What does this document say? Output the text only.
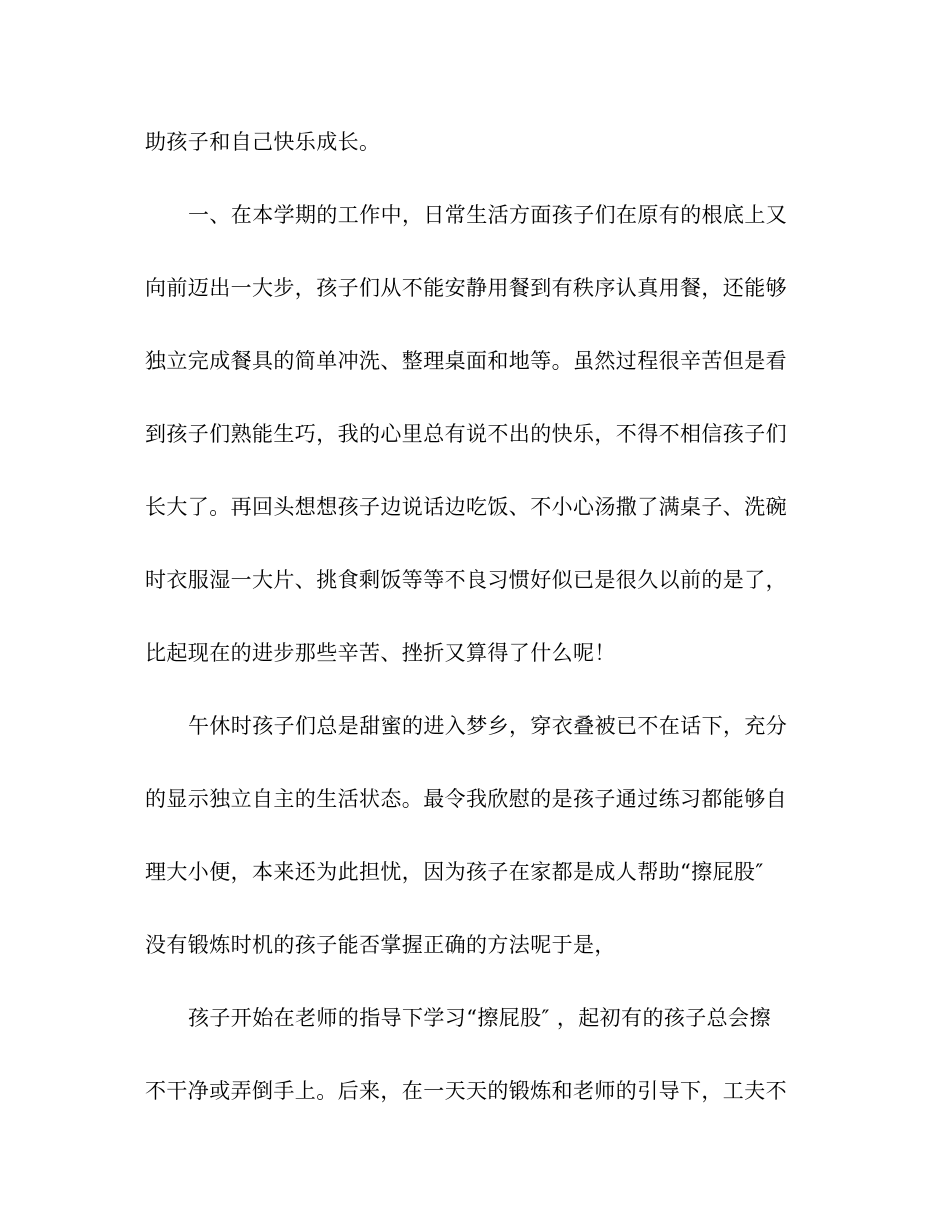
助孩子和自己快乐成长。
一、在本学期的工作中，日常生活方面孩子们在原有的根底上又
向前迈出一大步，孩子们从不能安静用餐到有秩序认真用餐，还能够
独立完成餐具的简单冲洗、整理桌面和地等。虽然过程很辛苦但是看
到孩子们熟能生巧，我的心里总有说不出的快乐，不得不相信孩子们
长大了。再回头想想孩子边说话边吃饭、不小心汤撒了满桌子、洗碗
时衣服湿一大片、挑食剩饭等等不良习惯好似已是很久以前的是了，
比起现在的进步那些辛苦、挫折又算得了什么呢！
午休时孩子们总是甜蜜的进入梦乡，穿衣叠被已不在话下，充分
的显示独立自主的生活状态。最令我欣慰的是孩子通过练习都能够自
理大小便，本来还为此担忧，因为孩子在家都是成人帮助“擦屁股″
没有锻炼时机的孩子能否掌握正确的方法呢于是，
孩子开始在老师的指导下学习“擦屁股″ ，起初有的孩子总会擦
不干净或弄倒手上。后来，在一天天的锻炼和老师的引导下，工夫不
